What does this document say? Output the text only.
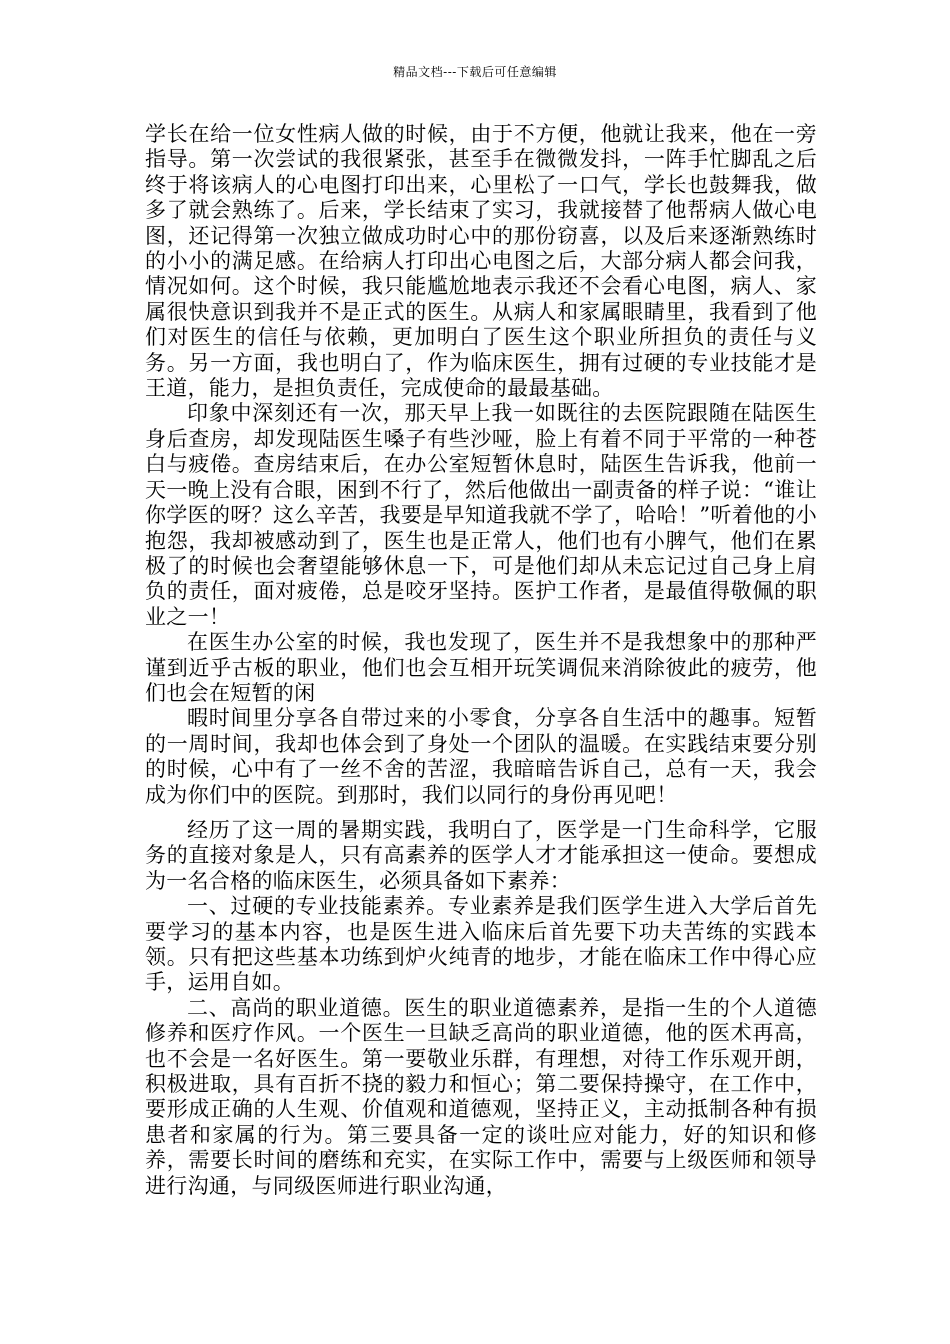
精品文档---下载后可任意编辑

学长在给一位女性病人做的时候，由于不方便，他就让我来，他在一旁指导。第一次尝试的我很紧张，甚至手在微微发抖，一阵手忙脚乱之后终于将该病人的心电图打印出来，心里松了一口气，学长也鼓舞我，做多了就会熟练了。后来，学长结束了实习，我就接替了他帮病人做心电图，还记得第一次独立做成功时心中的那份窃喜，以及后来逐渐熟练时的小小的满足感。在给病人打印出心电图之后，大部分病人都会问我，情况如何。这个时候，我只能尴尬地表示我还不会看心电图，病人、家属很快意识到我并不是正式的医生。从病人和家属眼睛里，我看到了他们对医生的信任与依赖，更加明白了医生这个职业所担负的责任与义务。另一方面，我也明白了，作为临床医生，拥有过硬的专业技能才是王道，能力，是担负责任，完成使命的最最基础。

印象中深刻还有一次，那天早上我一如既往的去医院跟随在陆医生身后查房，却发现陆医生嗓子有些沙哑，脸上有着不同于平常的一种苍白与疲倦。查房结束后，在办公室短暂休息时，陆医生告诉我，他前一天一晚上没有合眼，困到不行了，然后他做出一副责备的样子说：“谁让你学医的呀？这么辛苦，我要是早知道我就不学了，哈哈！”听着他的小抱怨，我却被感动到了，医生也是正常人，他们也有小脾气，他们在累极了的时候也会奢望能够休息一下，可是他们却从未忘记过自己身上肩负的责任，面对疲倦，总是咬牙坚持。医护工作者，是最值得敬佩的职业之一！

在医生办公室的时候，我也发现了，医生并不是我想象中的那种严谨到近乎古板的职业，他们也会互相开玩笑调侃来消除彼此的疲劳，他们也会在短暂的闲

暇时间里分享各自带过来的小零食，分享各自生活中的趣事。短暂的一周时间，我却也体会到了身处一个团队的温暖。在实践结束要分别的时候，心中有了一丝不舍的苦涩，我暗暗告诉自己，总有一天，我会成为你们中的医院。到那时，我们以同行的身份再见吧！

经历了这一周的暑期实践，我明白了，医学是一门生命科学，它服务的直接对象是人，只有高素养的医学人才才能承担这一使命。要想成为一名合格的临床医生，必须具备如下素养：

一、过硬的专业技能素养。专业素养是我们医学生进入大学后首先要学习的基本内容，也是医生进入临床后首先要下功夫苦练的实践本领。只有把这些基本功练到炉火纯青的地步，才能在临床工作中得心应手，运用自如。

二、高尚的职业道德。医生的职业道德素养，是指一生的个人道德修养和医疗作风。一个医生一旦缺乏高尚的职业道德，他的医术再高，也不会是一名好医生。第一要敬业乐群，有理想，对待工作乐观开朗，积极进取，具有百折不挠的毅力和恒心；第二要保持操守，在工作中，要形成正确的人生观、价值观和道德观，坚持正义，主动抵制各种有损患者和家属的行为。第三要具备一定的谈吐应对能力，好的知识和修养，需要长时间的磨练和充实，在实际工作中，需要与上级医师和领导进行沟通，与同级医师进行职业沟通，
